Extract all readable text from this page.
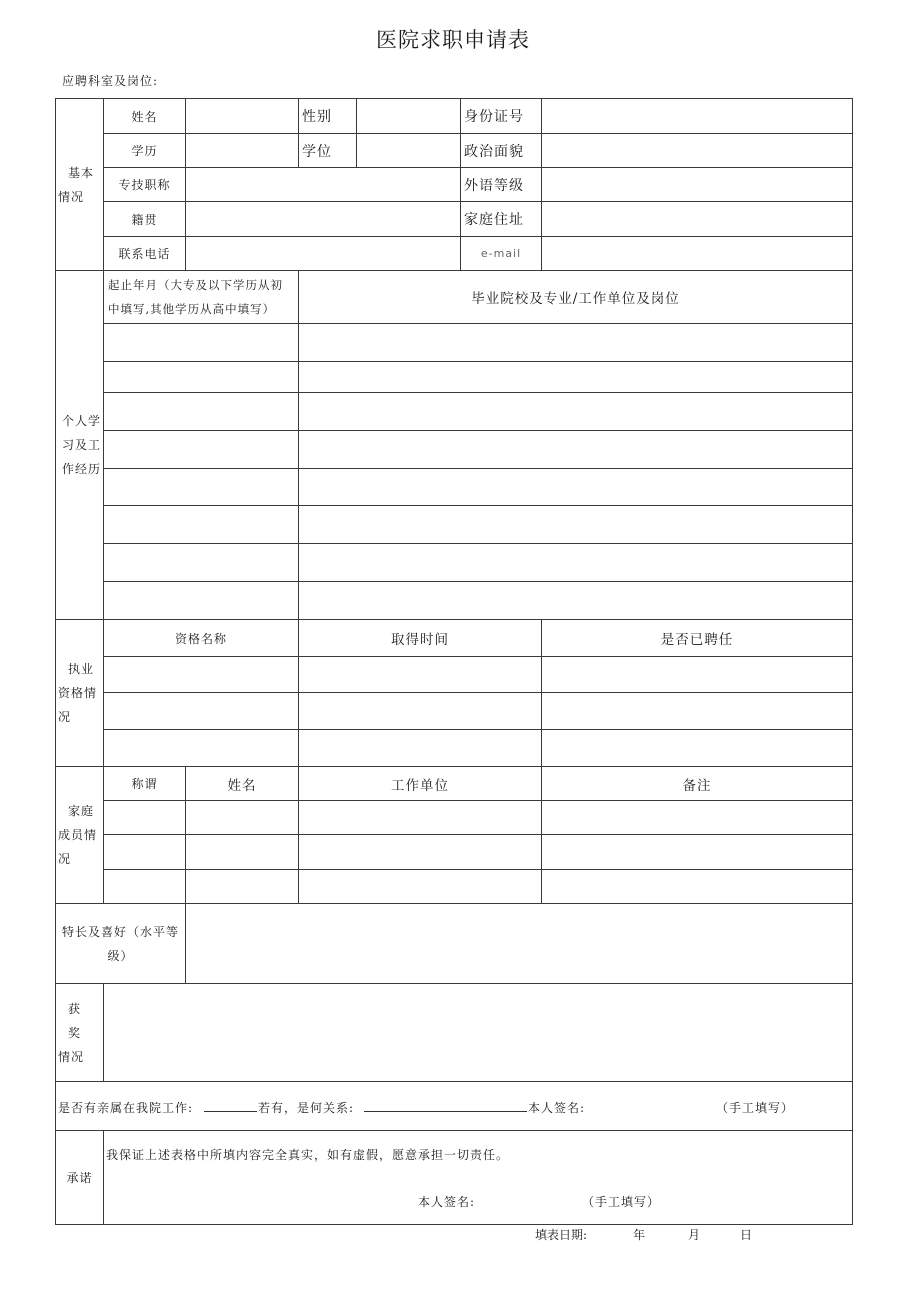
医院求职申请表
应聘科室及岗位:
基本
情况	姓名		性别		身份证号	
	学历		学位		政治面貌	
	专技职称				外语等级	
	籍贯				家庭住址	
	联系电话				e-mail	

个人学
习及工
作经历	起止年月（大专及以下学历从初
中填写,其他学历从高中填写）		毕业院校及专业/工作单位及岗位			

执业
资格情
况	资格名称		取得时间			是否已聘任

家庭
成员情
况	称谓	姓名	工作单位			备注

特长及喜好（水平等
级）						

获 奖
情况						

是否有亲属在我院工作: 若有，是何关系: 本人签名: （手工填写）						

承诺	我保证上述表格中所填内容完全真实，如有虚假，愿意承担一切责任。
本人签名: （手工填写）					
填表日期:	年	月	日
